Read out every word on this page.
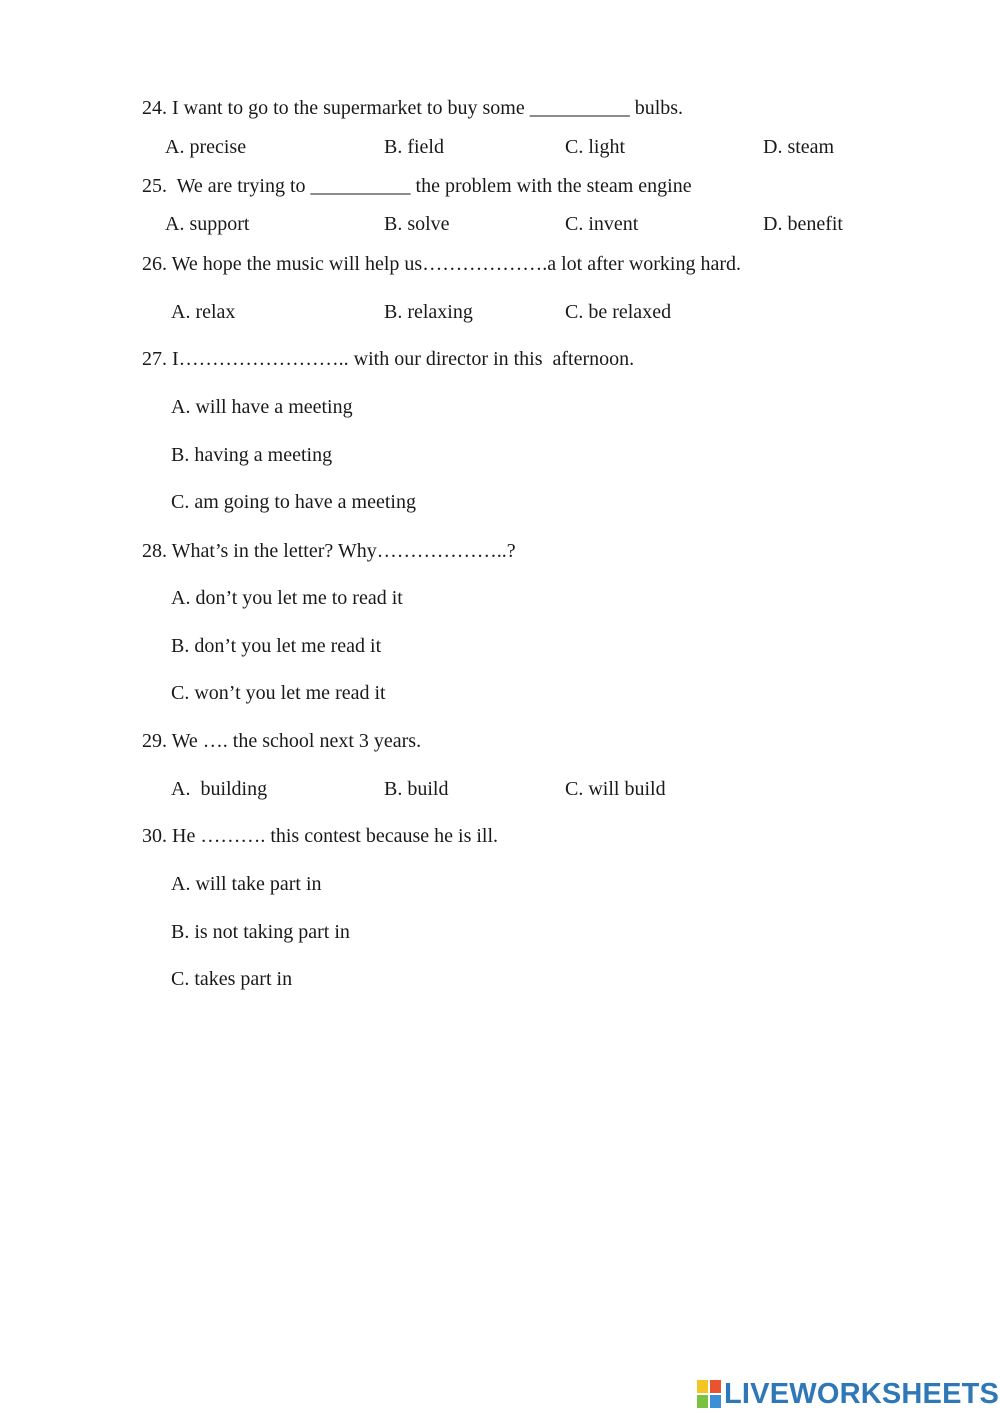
24. I want to go to the supermarket to buy some __________ bulbs.
A. precise	B. field	C. light	D. steam
25.  We are trying to __________ the problem with the steam engine
A. support	B. solve	C. invent	D. benefit
26. We hope the music will help us……………….a lot after working hard.
A. relax	B. relaxing	C. be relaxed
27. I…………………….. with our director in this  afternoon.
A. will have a meeting
B. having a meeting
C. am going to have a meeting
28. What’s in the letter? Why………………..?
A. don’t you let me to read it
B. don’t you let me read it
C. won’t you let me read it
29. We …. the school next 3 years.
A.  building	B. build	C. will build
30. He ………. this contest because he is ill.
A. will take part in
B. is not taking part in
C. takes part in
LIVEWORKSHEETS
